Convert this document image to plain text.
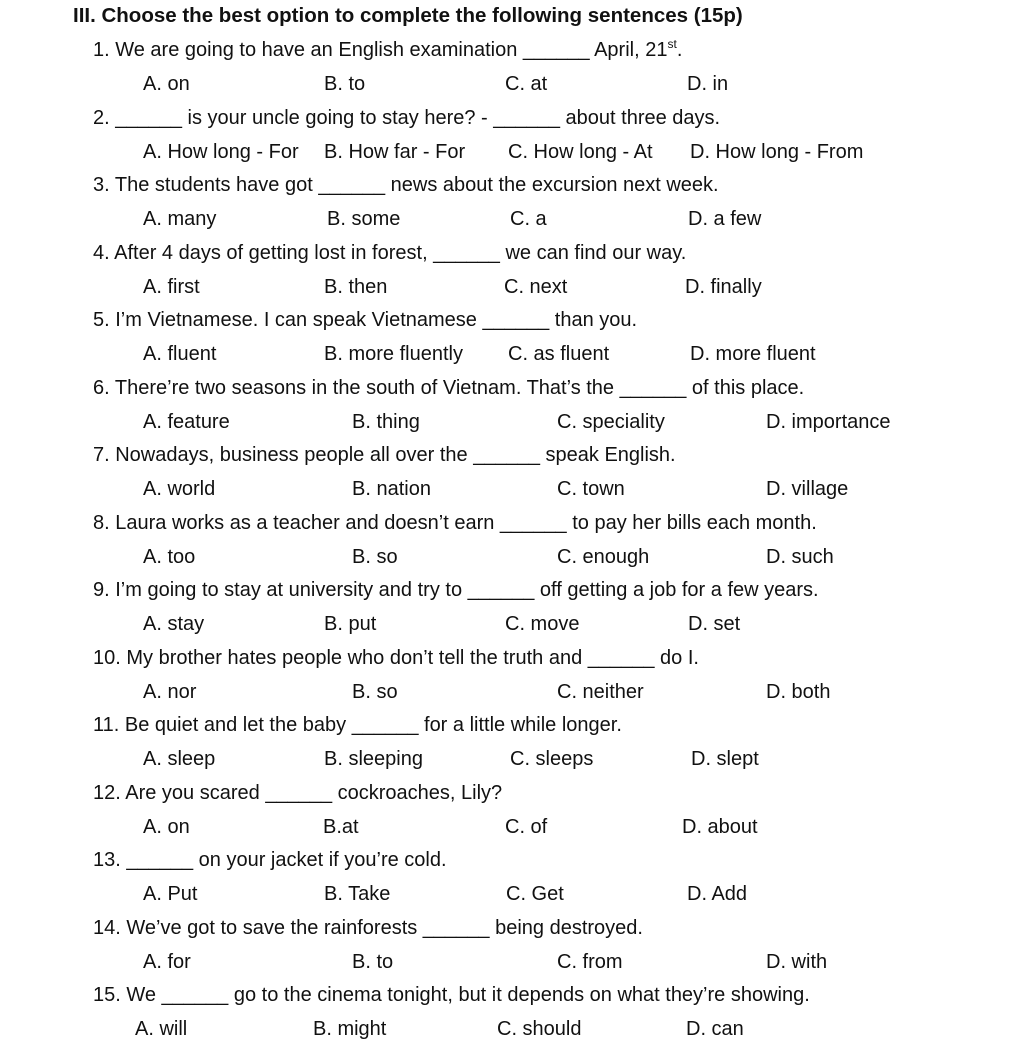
III. Choose the best option to complete the following sentences (15p)
1. We are going to have an English examination ______ April, 21st.
A. on	B. to	C. at	D. in
2. ______ is your uncle going to stay here? - ______ about three days.
A. How long - For B. How far - For C. How long - At D. How long - From
3. The students have got ______ news about the excursion next week.
A. many	B. some	C. a	D. a few
4. After 4 days of getting lost in forest, ______ we can find our way.
A. first	B. then	C. next	D. finally
5. I’m Vietnamese. I can speak Vietnamese ______ than you.
A. fluent	B. more fluently C. as fluent	D. more fluent
6. There’re two seasons in the south of Vietnam. That’s the ______ of this place.
A. feature	B. thing	C. speciality	D. importance
7. Nowadays, business people all over the ______ speak English.
A. world	B. nation	C. town	D. village
8. Laura works as a teacher and doesn’t earn ______ to pay her bills each month.
A. too	B. so	C. enough	D. such
9. I’m going to stay at university and try to ______ off getting a job for a few years.
A. stay	B. put	C. move	D. set
10. My brother hates people who don’t tell the truth and ______ do I.
A. nor	B. so	C. neither	D. both
11. Be quiet and let the baby ______ for a little while longer.
A. sleep	B. sleeping	C. sleeps	D. slept
12. Are you scared ______ cockroaches, Lily?
A. on	B.at	C. of	D. about
13. ______ on your jacket if you’re cold.
A. Put	B. Take	C. Get	D. Add
14. We’ve got to save the rainforests ______ being destroyed.
A. for	B. to	C. from	D. with
15. We ______ go to the cinema tonight, but it depends on what they’re showing.
A. will	B. might	C. should	D. can
